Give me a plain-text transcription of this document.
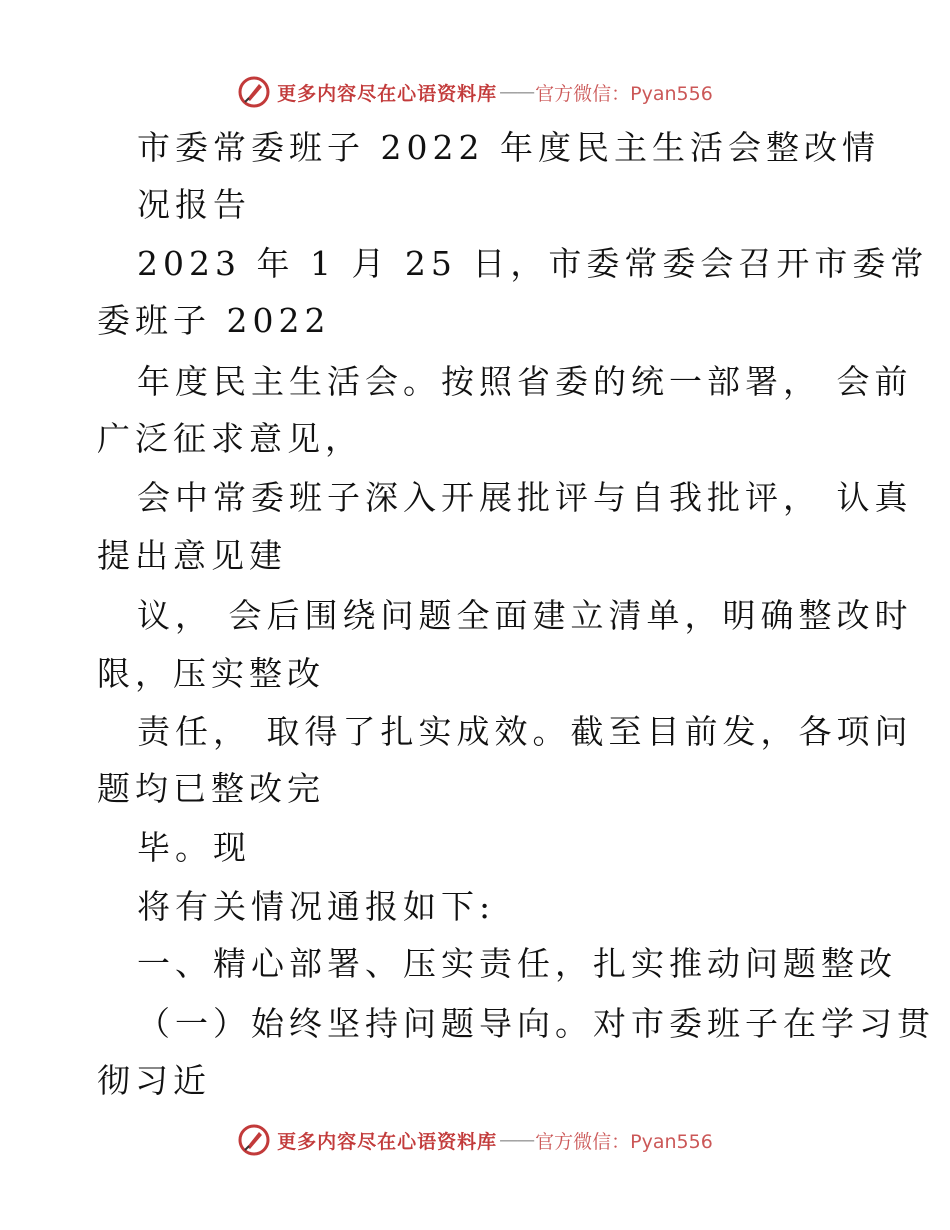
更多内容尽在心语资料库 —— 官方微信：Pyan556
市委常委班子 2022 年度民主生活会整改情
况报告
2023 年 1 月 25 日，市委常委会召开市委常
委班子 2022
年度民主生活会。按照省委的统一部署， 会前
广泛征求意见，
会中常委班子深入开展批评与自我批评， 认真
提出意见建
议， 会后围绕问题全面建立清单，明确整改时
限，压实整改
责任， 取得了扎实成效。截至目前发，各项问
题均已整改完
毕。现
将有关情况通报如下:
一、精心部署、压实责任，扎实推动问题整改
（一）始终坚持问题导向。对市委班子在学习贯
彻习近
更多内容尽在心语资料库 —— 官方微信：Pyan556
